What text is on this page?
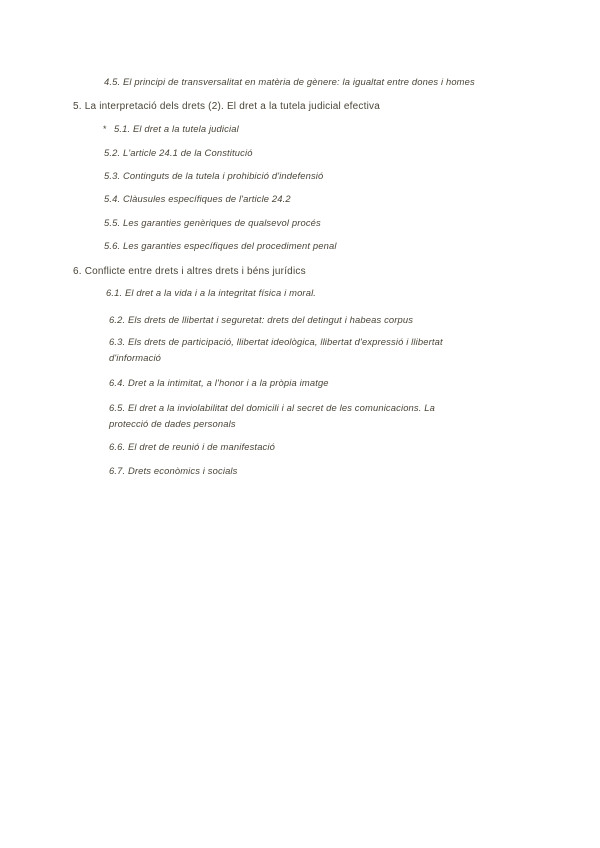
4.5. El principi de transversalitat en matèria de gènere: la igualtat entre dones i homes
5. La interpretació dels drets (2). El dret a la tutela judicial efectiva
* 5.1. El dret a la tutela judicial
5.2. L'article 24.1 de la Constitució
5.3. Continguts de la tutela i prohibició d'indefensió
5.4. Clàusules específiques de l'article 24.2
5.5. Les garanties genèriques de qualsevol procés
5.6. Les garanties específiques del procediment penal
6. Conflicte entre drets i altres drets i béns jurídics
6.1. El dret a la vida i a la integritat física i moral.
6.2. Els drets de llibertat i seguretat: drets del detingut i habeas corpus
6.3. Els drets de participació, llibertat ideològica, llibertat d'expressió i llibertat
d'informació
6.4. Dret a la intimitat, a l'honor i a la pròpia imatge
6.5. El dret a la inviolabilitat del domicili i al secret de les comunicacions. La
protecció de dades personals
6.6. El dret de reunió i de manifestació
6.7. Drets econòmics i socials
